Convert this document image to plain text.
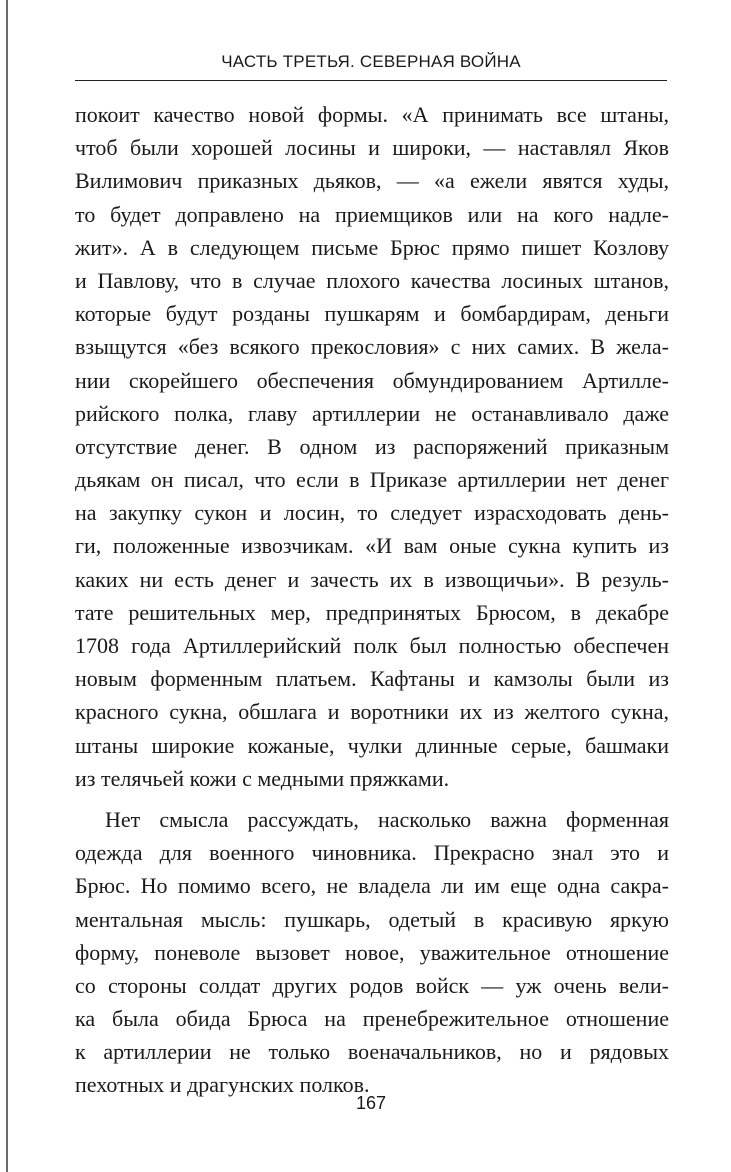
ЧАСТЬ ТРЕТЬЯ. СЕВЕРНАЯ ВОЙНА

покоит качество новой формы. «А принимать все штаны,
чтоб были хорошей лосины и широки, — наставлял Яков
Вилимович приказных дьяков, — «а ежели явятся худы,
то будет доправлено на приемщиков или на кого надле-
жит». А в следующем письме Брюс прямо пишет Козлову
и Павлову, что в случае плохого качества лосиных штанов,
которые будут розданы пушкарям и бомбардирам, деньги
взыщутся «без всякого прекословия» с них самих. В жела-
нии скорейшего обеспечения обмундированием Артилле-
рийского полка, главу артиллерии не останавливало даже
отсутствие денег. В одном из распоряжений приказным
дьякам он писал, что если в Приказе артиллерии нет денег
на закупку сукон и лосин, то следует израсходовать день-
ги, положенные извозчикам. «И вам оные сукна купить из
каких ни есть денег и зачесть их в извощичьи». В резуль-
тате решительных мер, предпринятых Брюсом, в декабре
1708 года Артиллерийский полк был полностью обеспечен
новым форменным платьем. Кафтаны и камзолы были из
красного сукна, обшлага и воротники их из желтого сукна,
штаны широкие кожаные, чулки длинные серые, башмаки
из телячьей кожи с медными пряжками.

Нет смысла рассуждать, насколько важна форменная
одежда для военного чиновника. Прекрасно знал это и
Брюс. Но помимо всего, не владела ли им еще одна сакра-
ментальная мысль: пушкарь, одетый в красивую яркую
форму, поневоле вызовет новое, уважительное отношение
со стороны солдат других родов войск — уж очень вели-
ка была обида Брюса на пренебрежительное отношение
к артиллерии не только военачальников, но и рядовых
пехотных и драгунских полков.

167
